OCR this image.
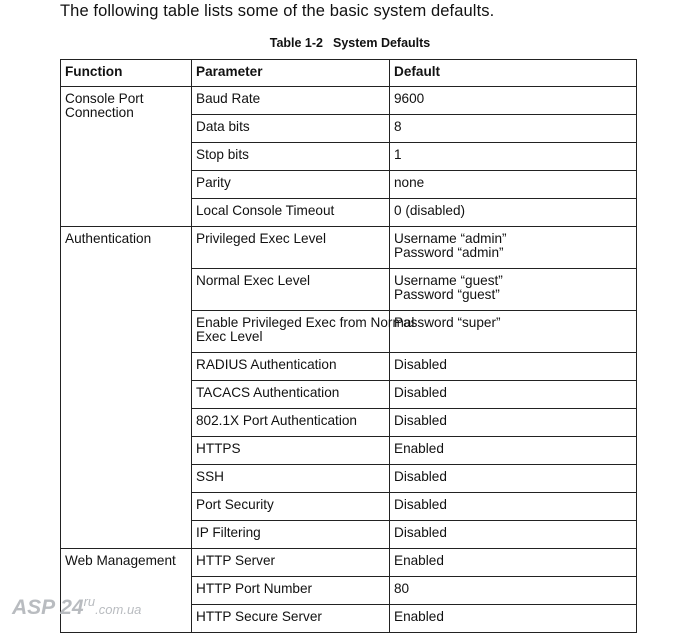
The following table lists some of the basic system defaults.
Table 1-2 System Defaults
Function	Parameter	Default

Console Port
Connection	Baud Rate	9600

	Data bits	8

	Stop bits	1

	Parity	none

	Local Console Timeout	0 (disabled)

Authentication	Privileged Exec Level	Username “admin”
Password “admin”

	Normal Exec Level	Username “guest”
Password “guest”

	Enable Privileged Exec from Normal
Exec Level	Password “super”

	RADIUS Authentication	Disabled

	TACACS Authentication	Disabled

	802.1X Port Authentication	Disabled

	HTTPS	Enabled

	SSH	Disabled

	Port Security	Disabled

	IP Filtering	Disabled

Web Management	HTTP Server	Enabled

	HTTP Port Number	80

	HTTP Secure Server	Enabled
ASP $24^{ru}.com.ua$
